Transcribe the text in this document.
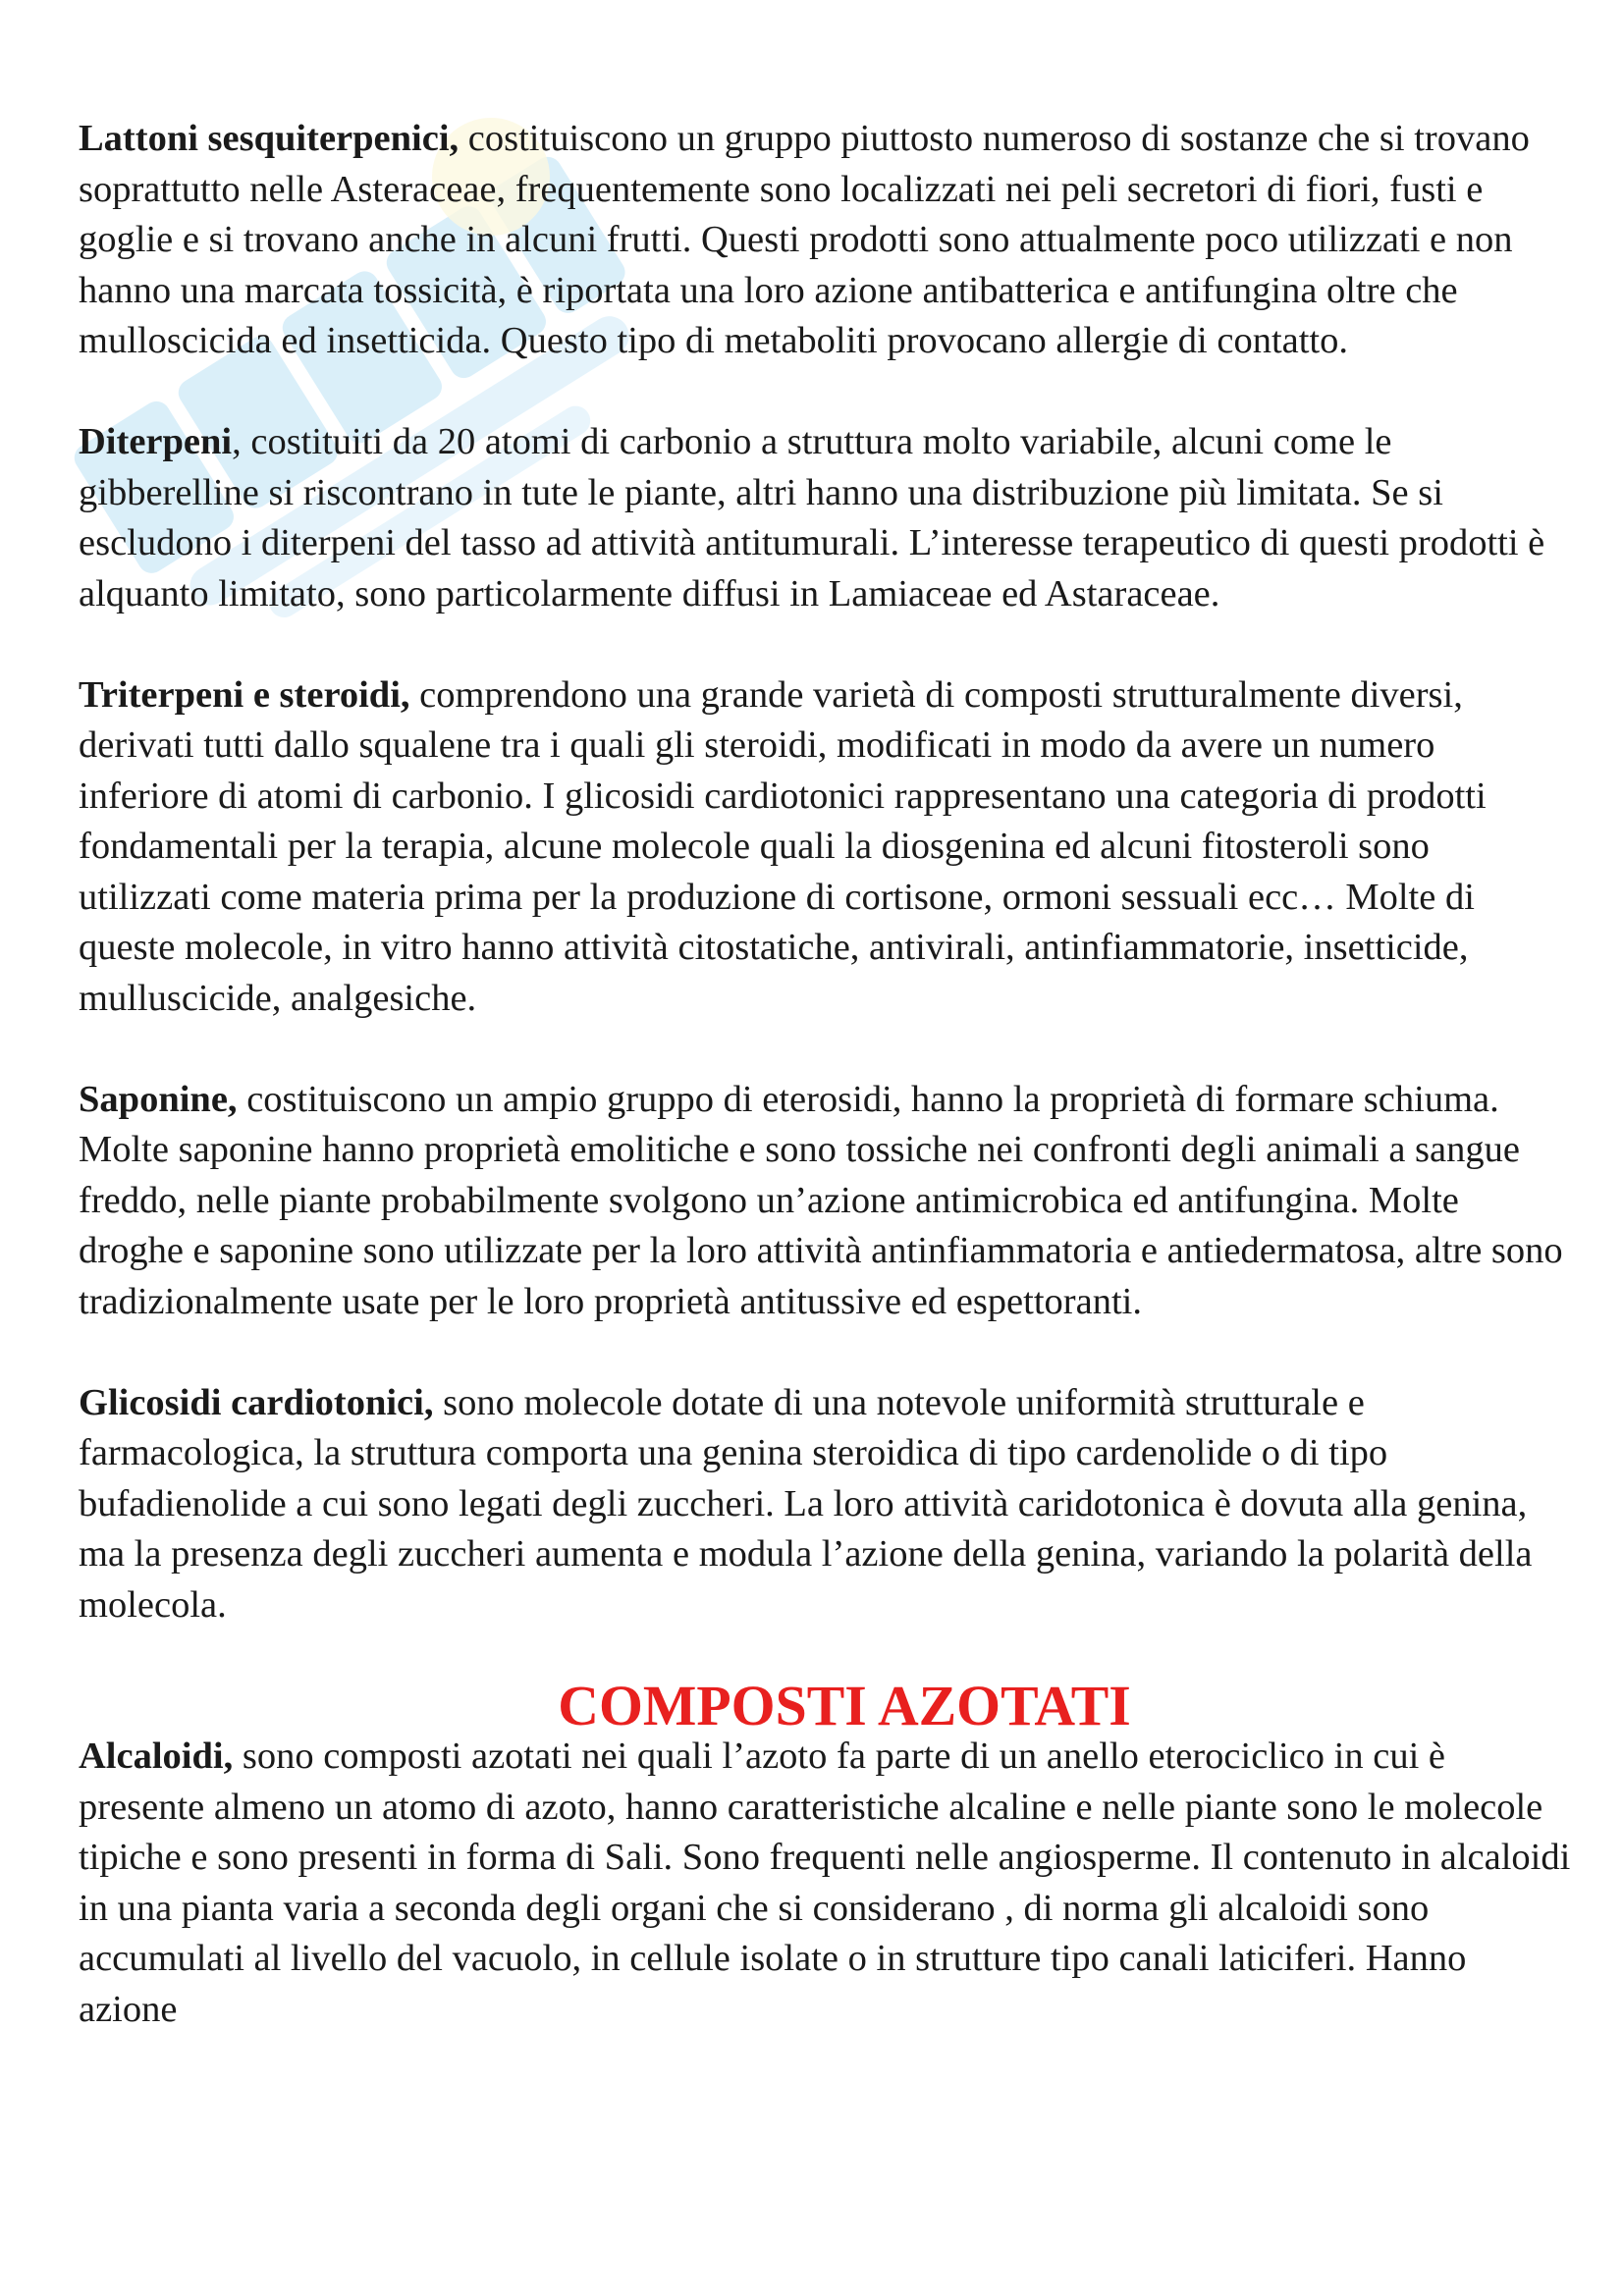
Lattoni sesquiterpenici, costituiscono un gruppo piuttosto numeroso di sostanze che si trovano soprattutto nelle Asteraceae, frequentemente sono localizzati nei peli secretori di fiori, fusti e goglie e si trovano anche in alcuni frutti. Questi prodotti sono attualmente poco utilizzati e non hanno una marcata tossicità, è riportata una loro azione antibatterica e antifungina oltre che mulloscicida ed insetticida. Questo tipo di metaboliti provocano allergie di contatto.

Diterpeni, costituiti da 20 atomi di carbonio a struttura molto variabile, alcuni come le gibberelline si riscontrano in tute le piante, altri hanno una distribuzione più limitata. Se si escludono i diterpeni del tasso ad attività antitumurali. L’interesse terapeutico di questi prodotti è alquanto limitato, sono particolarmente diffusi in Lamiaceae ed Astaraceae.

Triterpeni e steroidi, comprendono una grande varietà di composti strutturalmente diversi, derivati tutti dallo squalene tra i quali gli steroidi, modificati in modo da avere un numero inferiore di atomi di carbonio. I glicosidi cardiotonici rappresentano una categoria di prodotti fondamentali per la terapia, alcune molecole quali la diosgenina ed alcuni fitosteroli sono utilizzati come materia prima per la produzione di cortisone, ormoni sessuali ecc… Molte di queste molecole, in vitro hanno attività citostatiche, antivirali, antinfiammatorie, insetticide, mulluscicide, analgesiche.

Saponine, costituiscono un ampio gruppo di eterosidi, hanno la proprietà di formare schiuma. Molte saponine hanno proprietà emolitiche e sono tossiche nei confronti degli animali a sangue freddo, nelle piante probabilmente svolgono un’azione antimicrobica ed antifungina. Molte droghe e saponine sono utilizzate per la loro attività antinfiammatoria e antiedermatosa, altre sono tradizionalmente usate per le loro proprietà antitussive ed espettoranti.

Glicosidi cardiotonici, sono molecole dotate di una notevole uniformità strutturale e farmacologica, la struttura comporta una genina steroidica di tipo cardenolide o di tipo bufadienolide a cui sono legati degli zuccheri. La loro attività caridotonica è dovuta alla genina, ma la presenza degli zuccheri aumenta e modula l’azione della genina, variando la polarità della molecola.

COMPOSTI AZOTATI

Alcaloidi, sono composti azotati nei quali l’azoto fa parte di un anello eterociclico in cui è presente almeno un atomo di azoto, hanno caratteristiche alcaline e nelle piante sono le molecole tipiche e sono presenti in forma di Sali. Sono frequenti nelle angiosperme. Il contenuto in alcaloidi in una pianta varia a seconda degli organi che si considerano , di norma gli alcaloidi sono accumulati al livello del vacuolo, in cellule isolate o in strutture tipo canali laticiferi. Hanno azione
